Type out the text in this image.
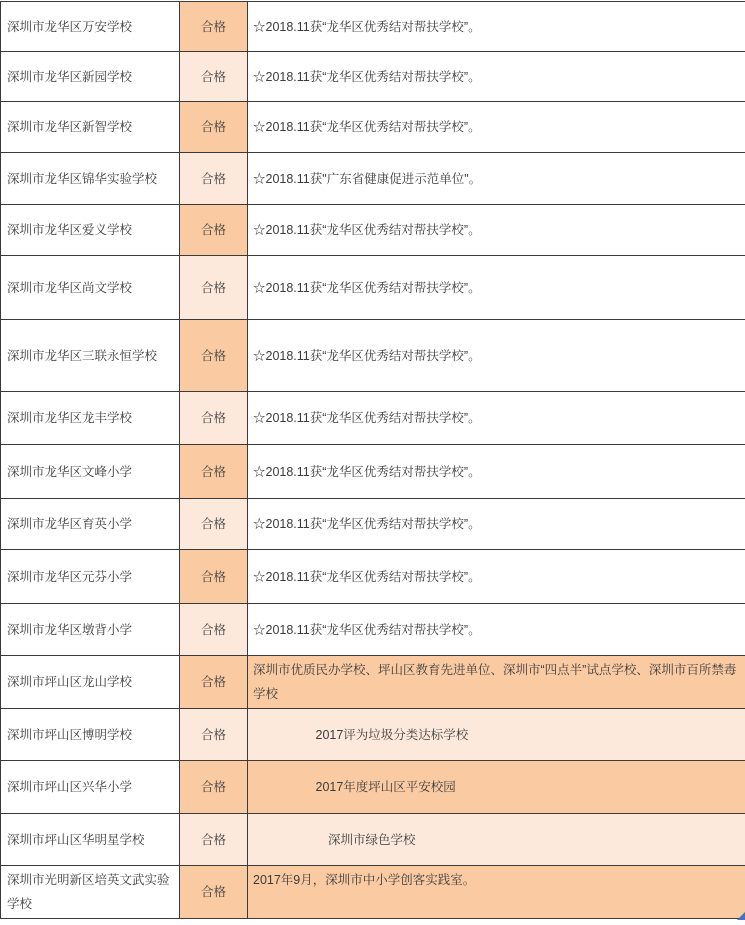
深圳市龙华区万安学校	合格	☆2018.11获“龙华区优秀结对帮扶学校”。
深圳市龙华区新园学校	合格	☆2018.11获“龙华区优秀结对帮扶学校”。
深圳市龙华区新智学校	合格	☆2018.11获“龙华区优秀结对帮扶学校”。
深圳市龙华区锦华实验学校	合格	☆2018.11获"广东省健康促进示范单位"。
深圳市龙华区爱义学校	合格	☆2018.11获“龙华区优秀结对帮扶学校”。
深圳市龙华区尚文学校	合格	☆2018.11获“龙华区优秀结对帮扶学校”。
深圳市龙华区三联永恒学校	合格	☆2018.11获“龙华区优秀结对帮扶学校”。
深圳市龙华区龙丰学校	合格	☆2018.11获“龙华区优秀结对帮扶学校”。
深圳市龙华区文峰小学	合格	☆2018.11获“龙华区优秀结对帮扶学校”。
深圳市龙华区育英小学	合格	☆2018.11获“龙华区优秀结对帮扶学校”。
深圳市龙华区元芬小学	合格	☆2018.11获“龙华区优秀结对帮扶学校”。
深圳市龙华区墩背小学	合格	☆2018.11获“龙华区优秀结对帮扶学校”。
深圳市坪山区龙山学校	合格	深圳市优质民办学校、坪山区教育先进单位、深圳市“四点半”试点学校、深圳市百所禁毒学校
深圳市坪山区博明学校	合格	　　　　　2017评为垃圾分类达标学校
深圳市坪山区兴华小学	合格	　　　　　2017年度坪山区平安校园
深圳市坪山区华明星学校	合格	　　　　　　深圳市绿色学校
深圳市光明新区培英文武实验学校	合格	2017年9月，深圳市中小学创客实践室。
